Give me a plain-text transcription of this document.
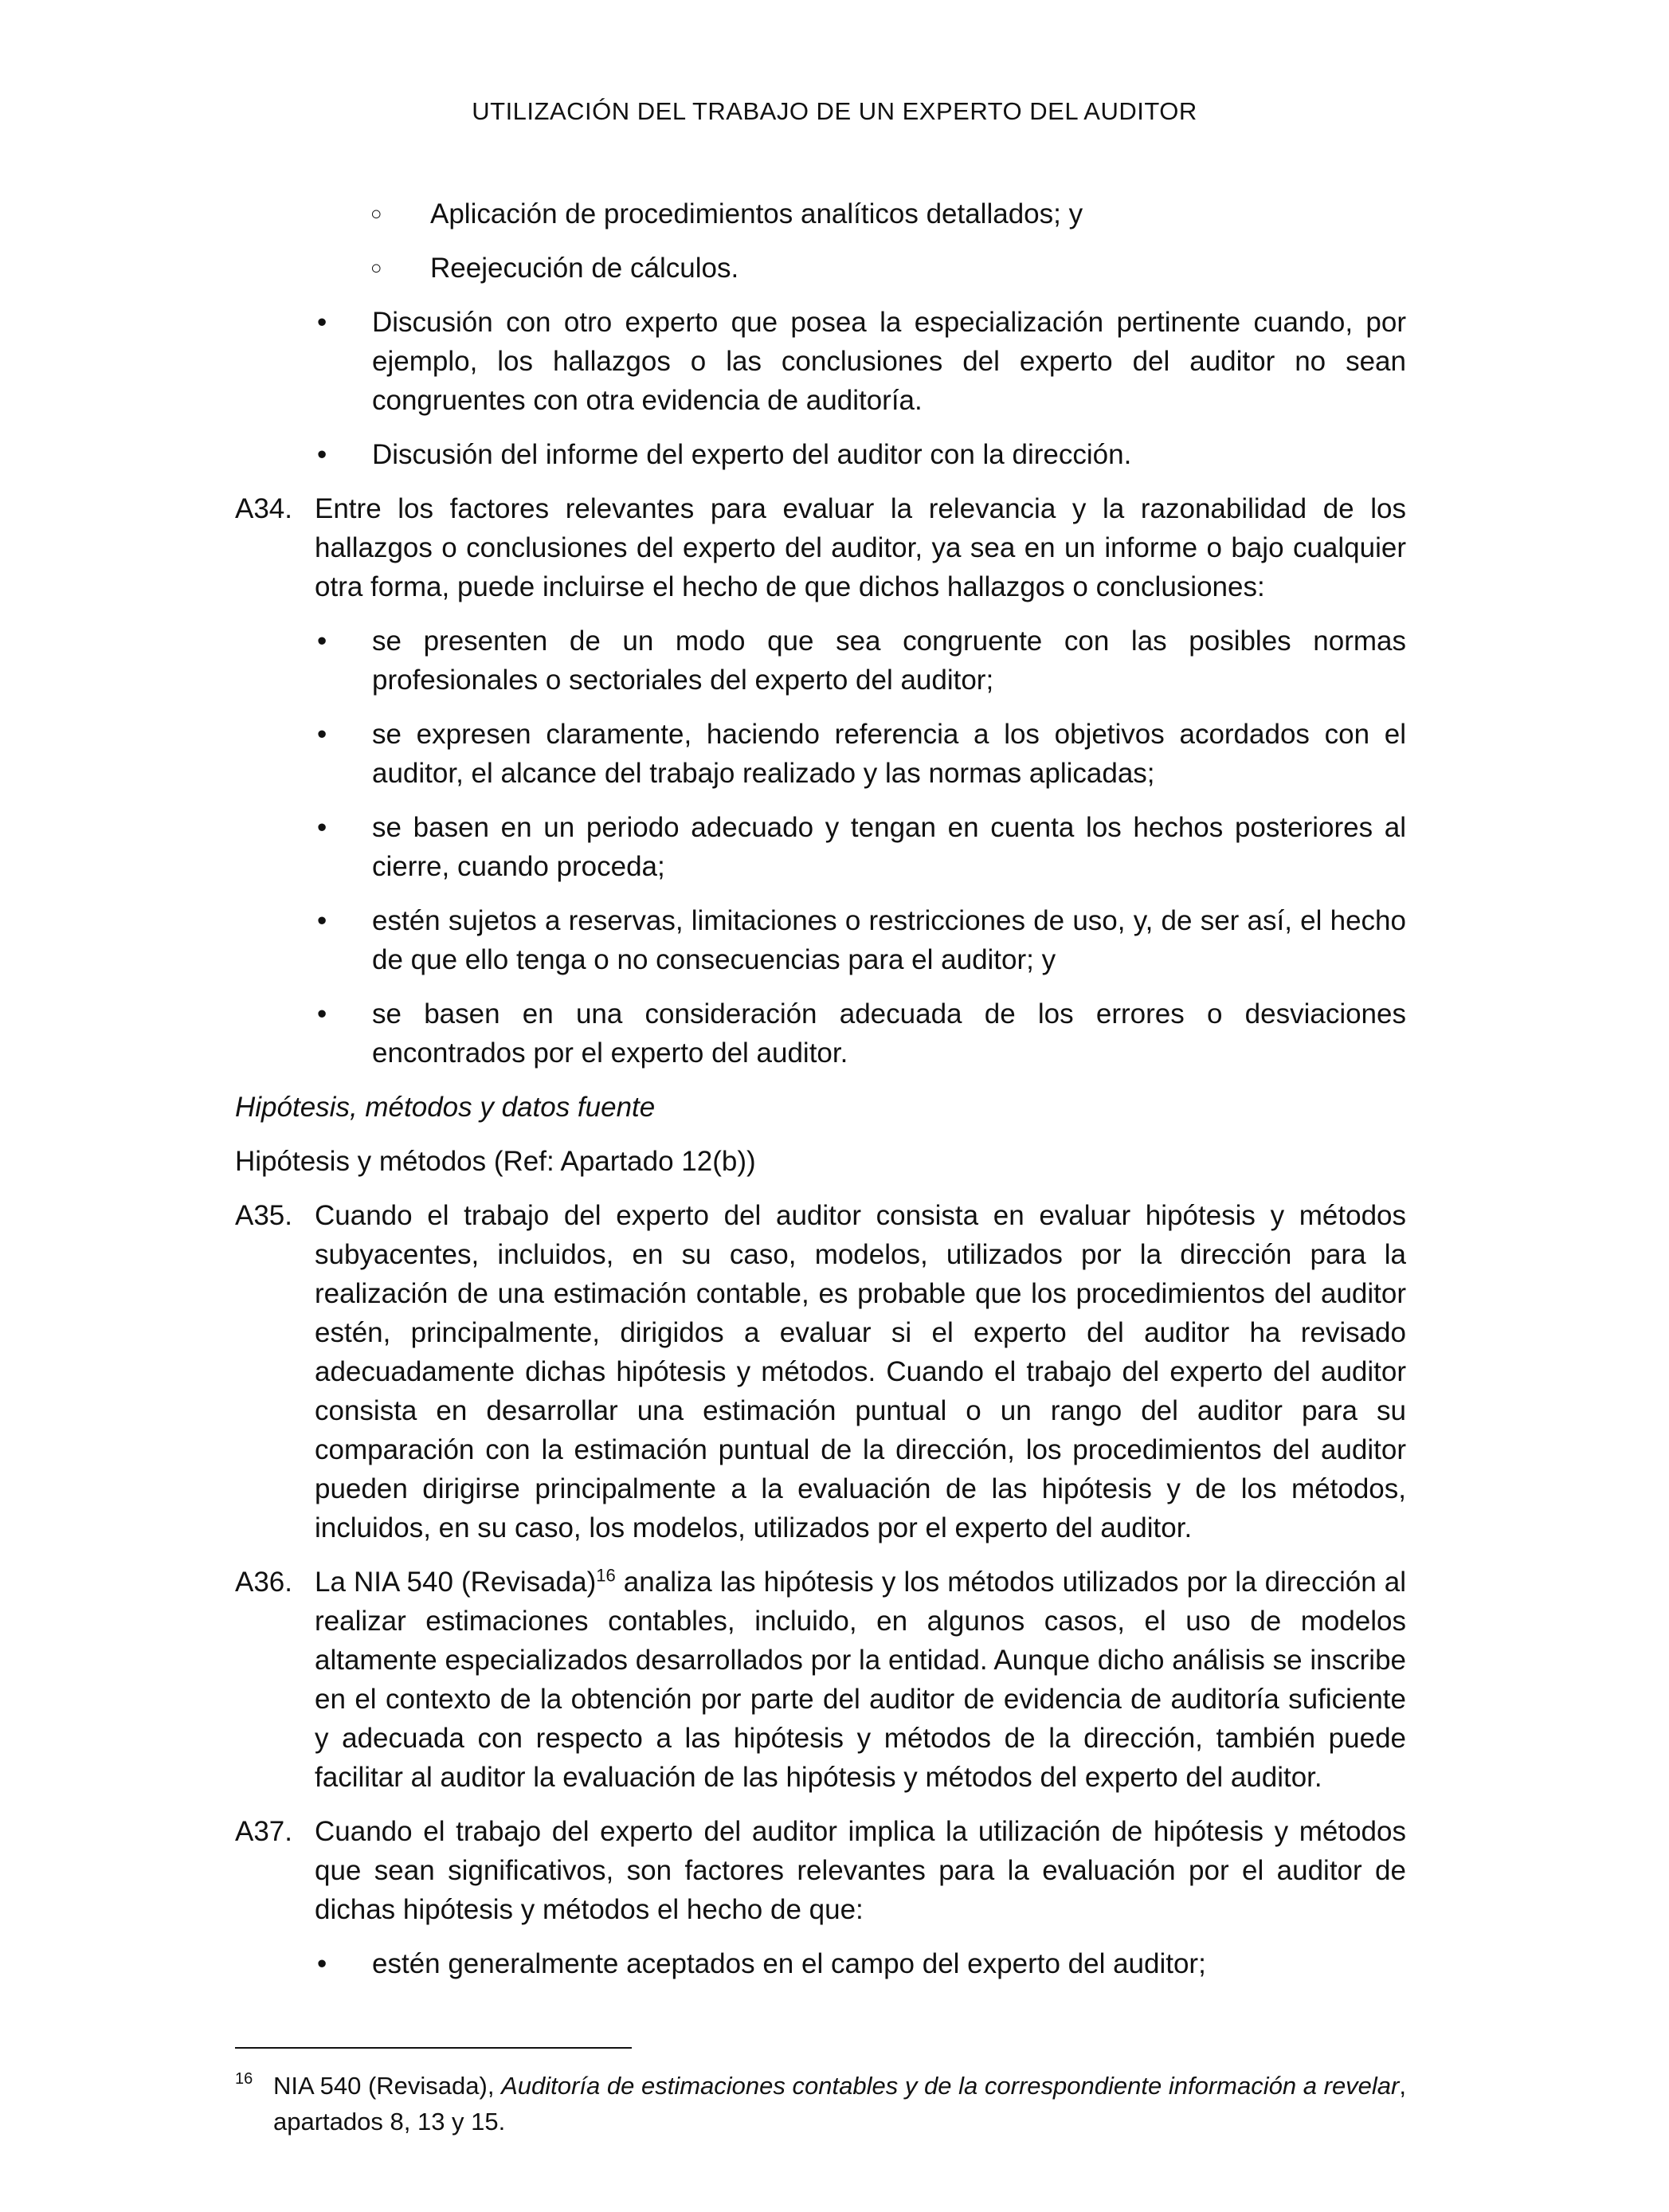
UTILIZACIÓN DEL TRABAJO DE UN EXPERTO DEL AUDITOR
○ Aplicación de procedimientos analíticos detallados; y
○ Reejecución de cálculos.
• Discusión con otro experto que posea la especialización pertinente cuando, por ejemplo, los hallazgos o las conclusiones del experto del auditor no sean congruentes con otra evidencia de auditoría.
• Discusión del informe del experto del auditor con la dirección.
A34. Entre los factores relevantes para evaluar la relevancia y la razonabilidad de los hallazgos o conclusiones del experto del auditor, ya sea en un informe o bajo cualquier otra forma, puede incluirse el hecho de que dichos hallazgos o conclusiones:
• se presenten de un modo que sea congruente con las posibles normas profesionales o sectoriales del experto del auditor;
• se expresen claramente, haciendo referencia a los objetivos acordados con el auditor, el alcance del trabajo realizado y las normas aplicadas;
• se basen en un periodo adecuado y tengan en cuenta los hechos posteriores al cierre, cuando proceda;
• estén sujetos a reservas, limitaciones o restricciones de uso, y, de ser así, el hecho de que ello tenga o no consecuencias para el auditor; y
• se basen en una consideración adecuada de los errores o desviaciones encontrados por el experto del auditor.
Hipótesis, métodos y datos fuente
Hipótesis y métodos (Ref: Apartado 12(b))
A35. Cuando el trabajo del experto del auditor consista en evaluar hipótesis y métodos subyacentes, incluidos, en su caso, modelos, utilizados por la dirección para la realización de una estimación contable, es probable que los procedimientos del auditor estén, principalmente, dirigidos a evaluar si el experto del auditor ha revisado adecuadamente dichas hipótesis y métodos. Cuando el trabajo del experto del auditor consista en desarrollar una estimación puntual o un rango del auditor para su comparación con la estimación puntual de la dirección, los procedimientos del auditor pueden dirigirse principalmente a la evaluación de las hipótesis y de los métodos, incluidos, en su caso, los modelos, utilizados por el experto del auditor.
A36. La NIA 540 (Revisada)$^{16}$ analiza las hipótesis y los métodos utilizados por la dirección al realizar estimaciones contables, incluido, en algunos casos, el uso de modelos altamente especializados desarrollados por la entidad. Aunque dicho análisis se inscribe en el contexto de la obtención por parte del auditor de evidencia de auditoría suficiente y adecuada con respecto a las hipótesis y métodos de la dirección, también puede facilitar al auditor la evaluación de las hipótesis y métodos del experto del auditor.
A37. Cuando el trabajo del experto del auditor implica la utilización de hipótesis y métodos que sean significativos, son factores relevantes para la evaluación por el auditor de dichas hipótesis y métodos el hecho de que:
• estén generalmente aceptados en el campo del experto del auditor;
16 NIA 540 (Revisada), Auditoría de estimaciones contables y de la correspondiente información a revelar, apartados 8, 13 y 15.
